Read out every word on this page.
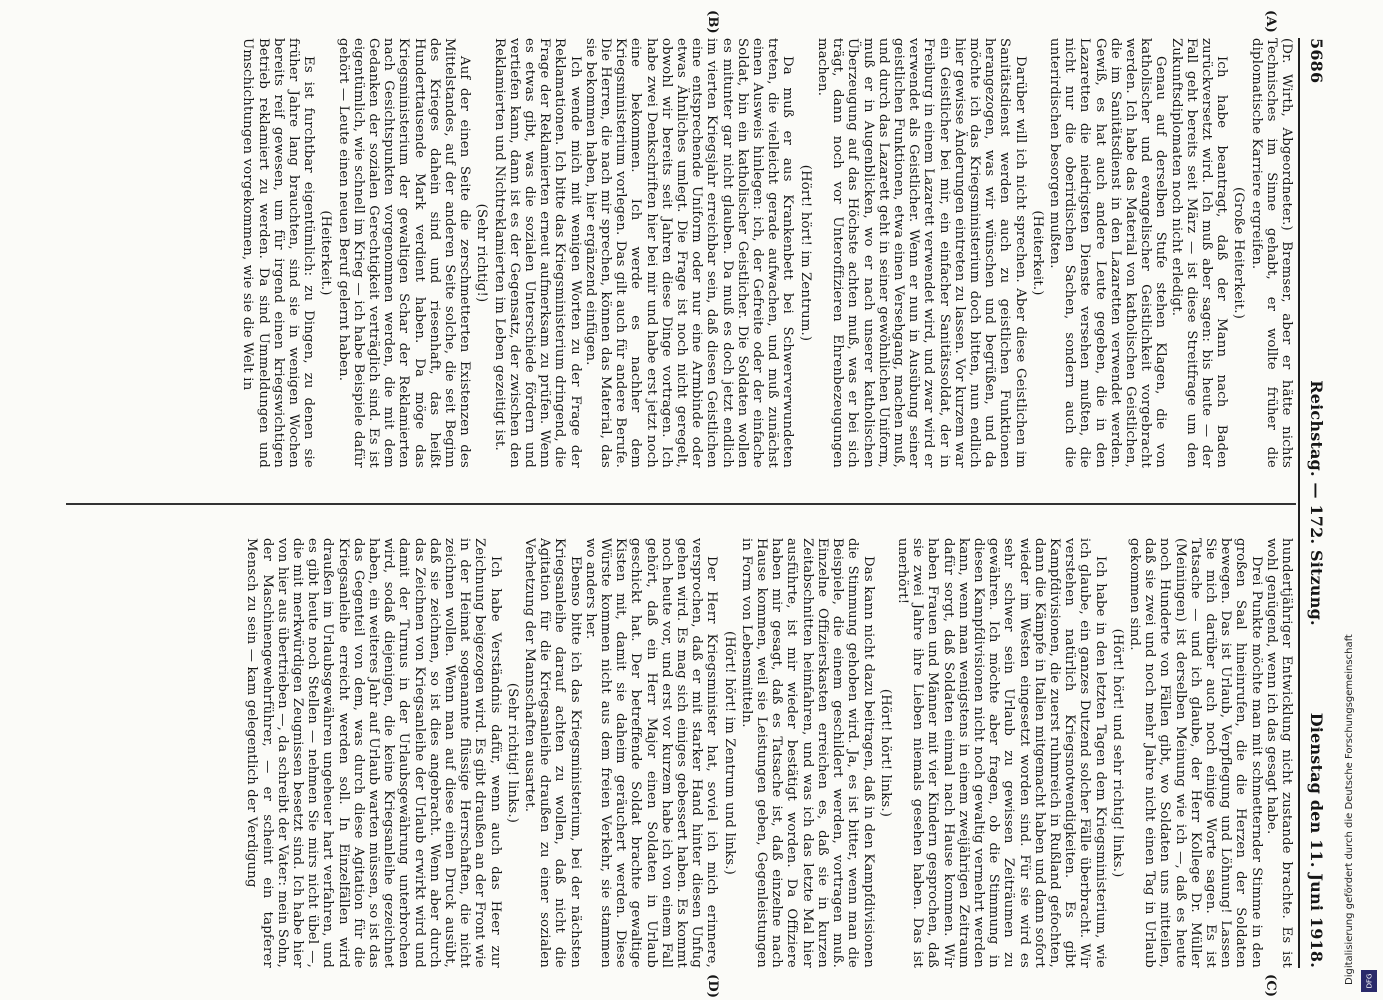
5686
Reichstag. — 172. Sitzung.
Dienstag den 11. Juni 1918.
(A)
(B)
(C)
(D)

(Dr. Wirth, Abgeordneter.) Bremser, aber er hätte nichts Technisches im Sinne gehabt, er wollte früher die diplomatische Karriere ergreifen.

(Große Heiterkeit.)

Ich habe beantragt, daß der Mann nach Baden zurückversetzt wird. Ich muß aber sagen: bis heute — der Fall geht bereits seit März — ist diese Streitfrage um den Zukunftsdiplomaten noch nicht erledigt.

Genau auf derselben Stufe stehen Klagen, die von katholischer und evangelischer Geistlichkeit vorgebracht werden. Ich habe das Material von katholischen Geistlichen, die im Sanitätsdienst in den Lazaretten verwendet werden. Gewiß, es hat auch andere Leute gegeben, die in den Lazaretten die niedrigsten Dienste versehen mußten, die nicht nur die oberirdischen Sachen, sondern auch die unterirdischen besorgen mußten.

(Heiterkeit.)

Darüber will ich nicht sprechen. Aber diese Geistlichen im Sanitätsdienst werden auch zu geistlichen Funktionen herangezogen, was wir wünschen und begrüßen, und da möchte ich das Kriegsministerium doch bitten, nun endlich hier gewisse Änderungen eintreten zu lassen. Vor kurzem war ein Geistlicher bei mir, ein einfacher Sanitätssoldat, der in Freiburg in einem Lazarett verwendet wird, und zwar wird er verwendet als Geistlicher. Wenn er nun in Ausübung seiner geistlichen Funktionen, etwa einen Versehgang, machen muß, und durch das Lazarett geht in seiner gewöhnlichen Uniform, muß er in Augenblicken, wo er nach unserer katholischen Überzeugung auf das Höchste achten muß, was er bei sich trägt, dann noch vor Unteroffizieren Ehrenbezeugungen machen.

(Hört! hört! im Zentrum.)

Da muß er aus Krankenbett bei Schwerverwundeten treten, die vielleicht gerade aufwachen, und muß zunächst einen Ausweis hinlegen: ich, der Gefreite oder der einfache Soldat, bin ein katholischer Geistlicher. Die Soldaten wollen es mitunter gar nicht glauben. Da muß es doch jetzt endlich im vierten Kriegsjahr erreichbar sein, daß diesen Geistlichen eine entsprechende Uniform oder nur eine Armbinde oder etwas Ähnliches umlegt. Die Frage ist noch nicht geregelt, obwohl wir bereits seit Jahren diese Dinge vortragen. Ich habe zwei Denkschriften hier bei mir und habe erst jetzt noch eine bekommen. Ich werde es nachher dem Kriegsministerium vorlegen. Das gilt auch für andere Berufe. Die Herren, die nach mir sprechen, können das Material, das sie bekommen haben, hier ergänzend einfügen.

Ich wende mich mit wenigen Worten zu der Frage der Reklamationen. Ich bitte das Kriegsministerium dringend, die Frage der Reklamierten erneut aufmerksam zu prüfen. Wenn es etwas gibt, was die sozialen Unterschiede fördern und vertiefen kann, dann ist es der Gegensatz, der zwischen den Reklamierten und Nichtreklamierten im Leben gezeitigt ist.

(Sehr richtig!)

Auf der einen Seite die zerschmetterten Existenzen des Mittelstandes, auf der anderen Seite solche, die seit Beginn des Krieges dahein sind und riesenhaft, das heißt Hunderttausende Mark verdient haben. Da möge das Kriegsministerium der gewaltigen Schar der Reklamierten nach Gesichtspunkten vorgenommen werden, die mit dem Gedanken der sozialen Gerechtigkeit verträglich sind. Es ist eigentümlich, wie schnell im Krieg — ich habe Beispiele dafür gehört — Leute einen neuen Beruf gelernt haben.

(Heiterkeit.)

Es ist furchtbar eigentümlich: zu Dingen, zu denen sie früher Jahre lang brauchten, sind sie in wenigen Wochen bereits reif gewesen, um für irgend einen kriegswichtigen Betrieb reklamiert zu werden. Da sind Ummeldungen und Umschichtungen vorgekommen, wie sie die Welt in

hundertjähriger Entwicklung nicht zustande brachte. Es ist wohl genügend, wenn ich das gesagt habe.

Drei Punkte möchte man mit schmetternder Stimme in den großen Saal hineinrufen, die die Herzen der Soldaten bewegen. Das ist Urlaub, Verpflegung und Löhnung! Lassen Sie mich darüber auch noch einige Worte sagen. Es ist Tatsache — und ich glaube, der Herr Kollege Dr. Müller (Meiningen) ist derselben Meinung wie ich —, daß es heute noch Hunderte von Fällen gibt, wo Soldaten uns mitteilen, daß sie zwei und noch mehr Jahre nicht einen Tag in Urlaub gekommen sind.

(Hört! hört! und sehr richtig! links.)

Ich habe in den letzten Tagen dem Kriegsministerium, wie ich glaube, ein ganzes Dutzend solcher Fälle überbracht. Wir verstehen natürlich Kriegsnotwendigkeiten. Es gibt Kampfdivisionen, die zuerst ruhmreich in Rußland gefochten, dann die Kämpfe in Italien mitgemacht haben und dann sofort wieder im Westen eingesetzt worden sind. Für sie wird es sehr schwer sein Urlaub zu gewissen Zeiträumen zu gewähren. Ich möchte aber fragen, ob die Stimmung in diesen Kampfdivisionen nicht noch gewaltig vermehrt werden kann, wenn man wenigstens in einem zweijährigen Zeitraum dafür sorgt, daß Soldaten einmal nach Hause kommen. Wir haben Frauen und Männer mit vier Kindern gesprochen, daß sie zwei Jahre ihre Lieben niemals gesehen haben. Das ist unerhört!

(Hört! hört! links.)

Das kann nicht dazu beitragen, daß in den Kampfdivisionen die Stimmung gehoben wird. Ja, es ist bitter, wenn man die Beispiele, die einem geschildert werden, vortragen muß. Einzelne Offizierskasten erreichen es, daß sie in kurzen Zeitabschnitten heimfahren, und was ich das letzte Mal hier ausführte, ist mir wieder bestätigt worden. Da Offiziere haben mir gesagt, daß es Tatsache ist, daß einzelne nach Hause kommen, weil sie Leistungen geben, Gegenleistungen in Form von Lebensmitteln.

(Hört! hört! im Zentrum und links.)

Der Herr Kriegsminister hat, soviel ich mich erinnere, versprochen, daß er mit starker Hand hinter diesen Unfug gehen wird. Es mag sich einiges gebessert haben. Es kommt noch heute vor, und erst vor kurzem habe ich von einem Fall gehört, daß ein Herr Major einen Soldaten in Urlaub geschickt hat. Der betreffende Soldat brachte gewaltige Kisten mit, damit sie daheim geräuchert werden. Diese Würste kommen nicht aus dem freien Verkehr, sie stammen wo anders her.

Ebenso bitte ich das Kriegsministerium, bei der nächsten Kriegsanleihe darauf achten zu wollen, daß nicht die Agitation für die Kriegsanleihe draußen zu einer sozialen Verhetzung der Mannschaften ausartet.

(Sehr richtig! links.)

Ich habe Verständnis dafür, wenn auch das Heer zur Zeichnung beigezogen wird. Es gibt draußen an der Front wie in der Heimat sogenannte flüssige Herrschaften, die nicht zeichnen wollen. Wenn man auf diese einen Druck ausübt, daß sie zeichnen, so ist dies angebracht. Wenn aber durch das Zeichnen von Kriegsanleihe der Urlaub erwirkt wird und damit der Turnus in der Urlaubsgewährung unterbrochen wird, sodaß diejenigen, die keine Kriegsanleihe gezeichnet haben, ein weiteres Jahr auf Urlaub warten müssen, so ist das das Gegenteil von dem, was durch diese Agitation für die Kriegsanleihe erreicht werden soll. In Einzelfällen wird draußen im Urlaubsgewähren ungeheuer hart verfahren, und es gibt heute noch Stellen — nehmen Sie mirs nicht übel —, die mit merkwürdigen Zeugnissen besetzt sind. Ich habe hier von hier aus übertrieben —, da schreibt der Vater: mein Sohn, der Maschinengewehrführer, — er scheint ein tapferer Mensch zu sein — kam gelegentlich der Verdigung	Digitalisierung gefördert durch die Deutsche Forschungsgemeinschaft	DFG
